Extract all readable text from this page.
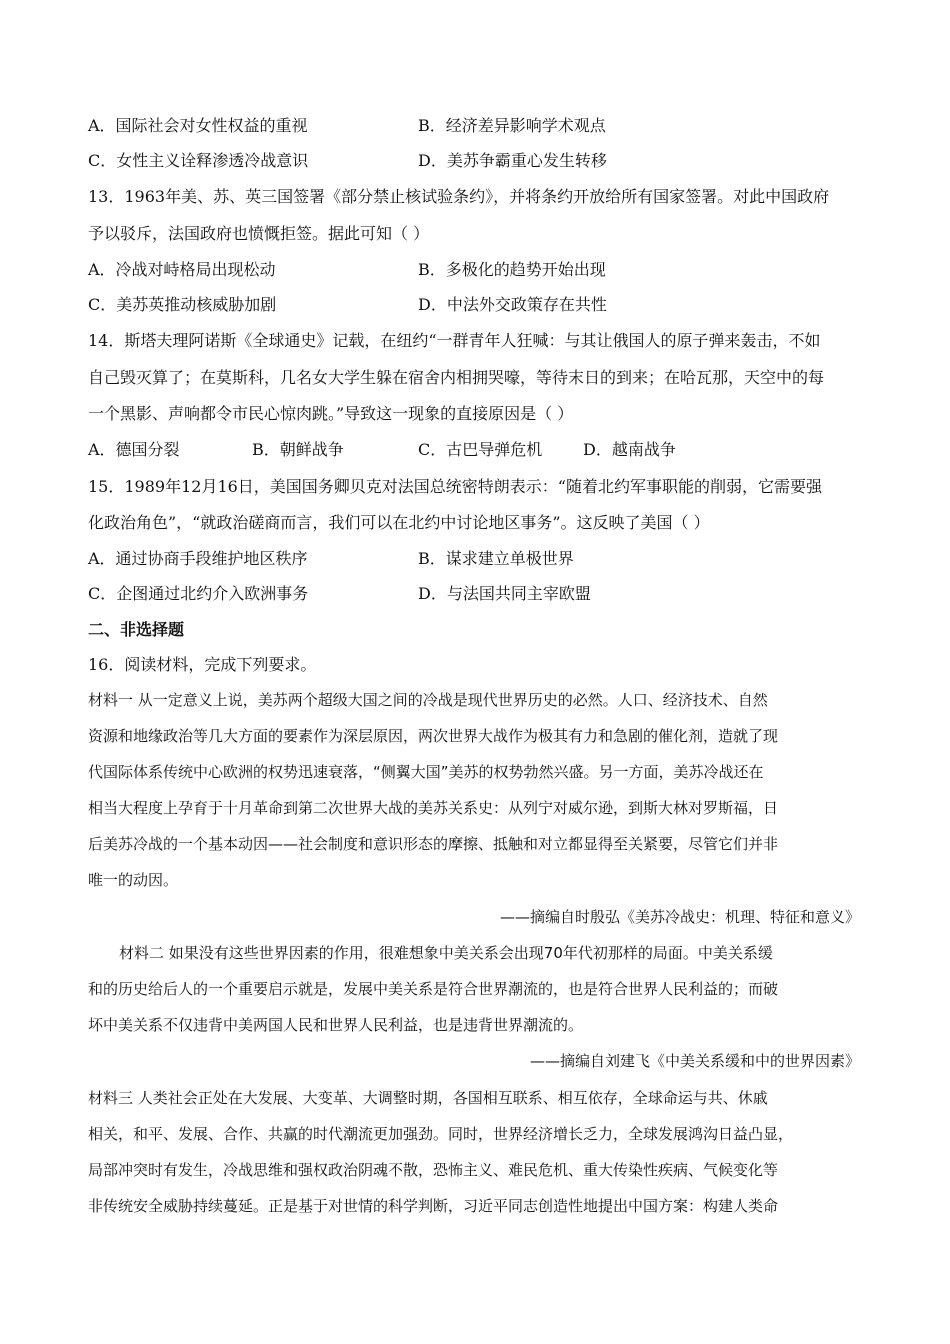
A．国际社会对女性权益的重视	B．经济差异影响学术观点
C．女性主义诠释渗透冷战意识	D．美苏争霸重心发生转移
13．1963年美、苏、英三国签署《部分禁止核试验条约》，并将条约开放给所有国家签署。对此中国政府
予以驳斥，法国政府也愤慨拒签。据此可知（ ）
A．冷战对峙格局出现松动	B．多极化的趋势开始出现
C．美苏英推动核威胁加剧	D．中法外交政策存在共性
14．斯塔夫理阿诺斯《全球通史》记载，在纽约“一群青年人狂喊：与其让俄国人的原子弹来轰击，不如
自己毁灭算了；在莫斯科，几名女大学生躲在宿舍内相拥哭嚎，等待末日的到来；在哈瓦那，天空中的每
一个黑影、声响都令市民心惊肉跳。”导致这一现象的直接原因是（ ）
A．德国分裂	B．朝鲜战争	C．古巴导弹危机	D．越南战争
15．1989年12月16日，美国国务卿贝克对法国总统密特朗表示：“随着北约军事职能的削弱，它需要强
化政治角色”，“就政治磋商而言，我们可以在北约中讨论地区事务”。这反映了美国（ ）
A．通过协商手段维护地区秩序	B．谋求建立单极世界
C．企图通过北约介入欧洲事务	D．与法国共同主宰欧盟
二、非选择题
16．阅读材料，完成下列要求。
材料一 从一定意义上说，美苏两个超级大国之间的冷战是现代世界历史的必然。人口、经济技术、自然
资源和地缘政治等几大方面的要素作为深层原因，两次世界大战作为极其有力和急剧的催化剂，造就了现
代国际体系传统中心欧洲的权势迅速衰落，“侧翼大国”美苏的权势勃然兴盛。另一方面，美苏冷战还在
相当大程度上孕育于十月革命到第二次世界大战的美苏关系史：从列宁对威尔逊，到斯大林对罗斯福，日
后美苏冷战的一个基本动因——社会制度和意识形态的摩擦、抵触和对立都显得至关紧要，尽管它们并非
唯一的动因。
——摘编自时殷弘《美苏冷战史：机理、特征和意义》
材料二 如果没有这些世界因素的作用，很难想象中美关系会出现70年代初那样的局面。中美关系缓
和的历史给后人的一个重要启示就是，发展中美关系是符合世界潮流的，也是符合世界人民利益的；而破
坏中美关系不仅违背中美两国人民和世界人民利益，也是违背世界潮流的。
——摘编自刘建飞《中美关系缓和中的世界因素》
材料三 人类社会正处在大发展、大变革、大调整时期，各国相互联系、相互依存，全球命运与共、休戚
相关，和平、发展、合作、共赢的时代潮流更加强劲。同时，世界经济增长乏力，全球发展鸿沟日益凸显，
局部冲突时有发生，冷战思维和强权政治阴魂不散，恐怖主义、难民危机、重大传染性疾病、气候变化等
非传统安全威胁持续蔓延。正是基于对世情的科学判断，习近平同志创造性地提出中国方案：构建人类命
